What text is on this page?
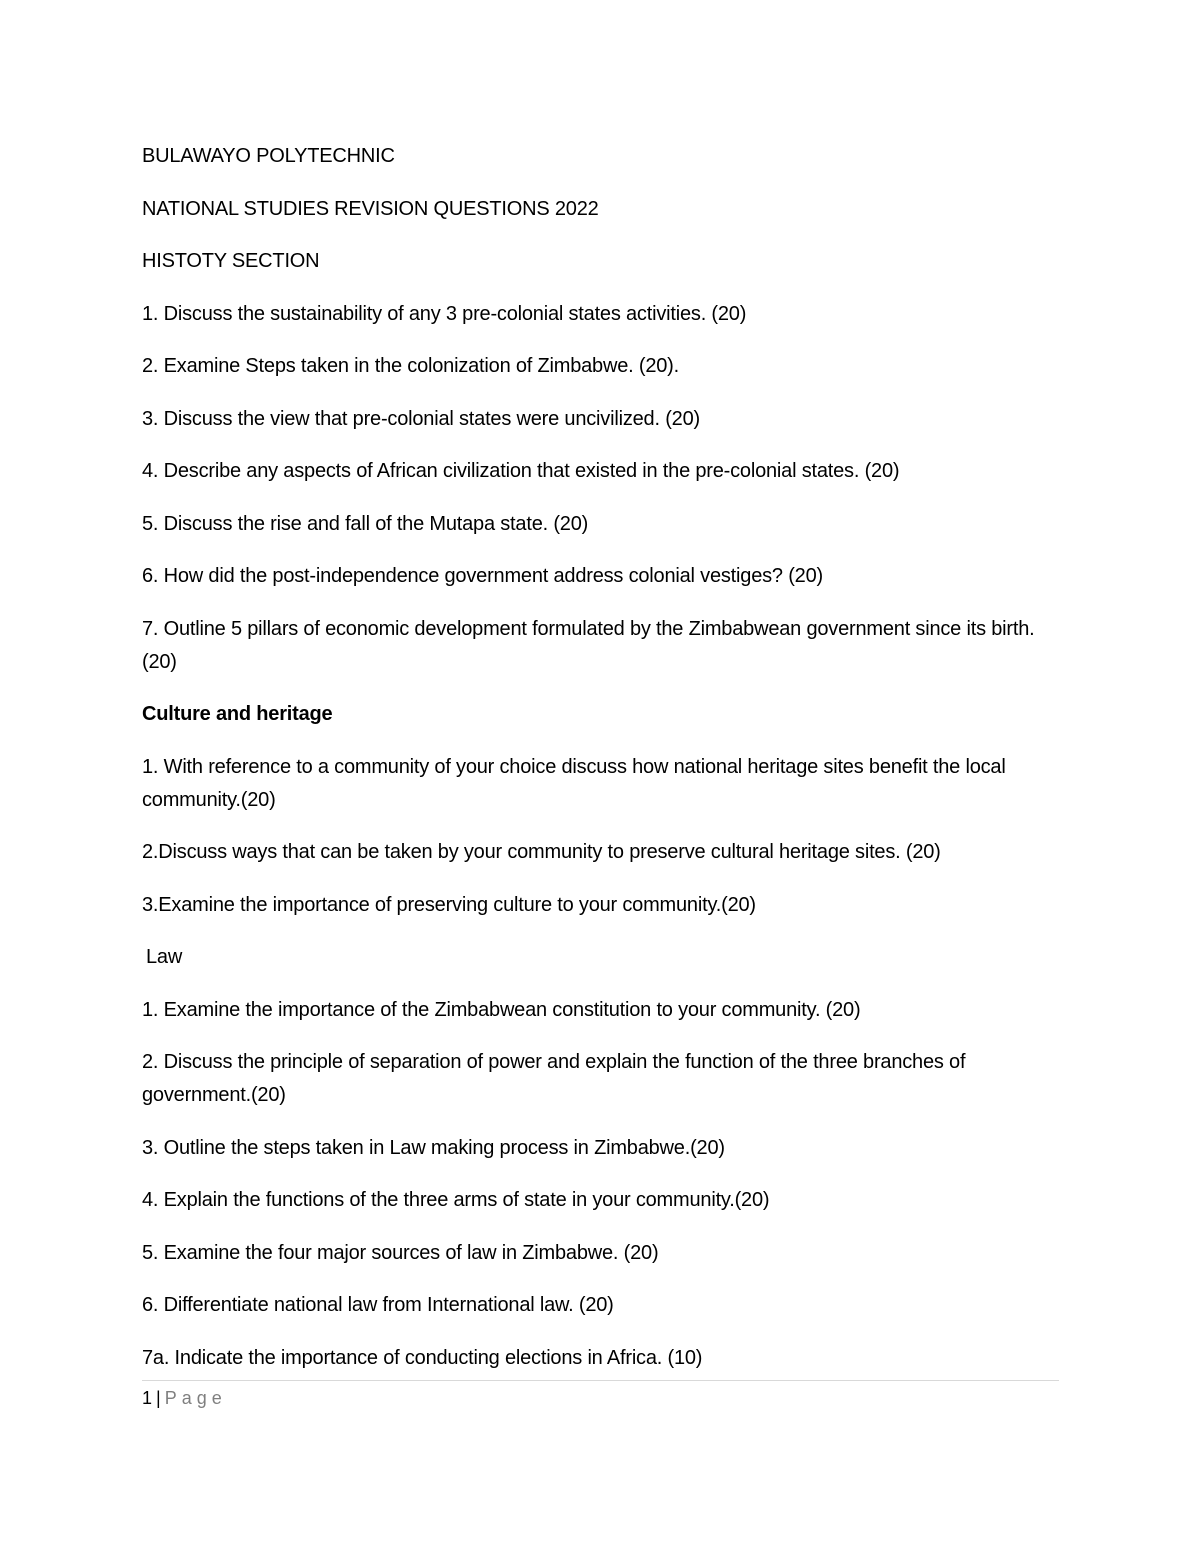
BULAWAYO POLYTECHNIC

NATIONAL STUDIES REVISION QUESTIONS 2022

HISTOTY SECTION

1. Discuss the sustainability of any 3 pre-colonial states activities. (20)

2. Examine Steps taken in the colonization of Zimbabwe. (20).

3. Discuss the view that pre-colonial states were uncivilized. (20)

4. Describe any aspects of African civilization that existed in the pre-colonial states. (20)

5. Discuss the rise and fall of the Mutapa state. (20)

6. How did the post-independence government address colonial vestiges? (20)

7. Outline 5 pillars of economic development formulated by the Zimbabwean government since its birth.(20)

Culture and heritage

1. With reference to a community of your choice discuss how national heritage sites benefit the local community.(20)

2.Discuss ways that can be taken by your community to preserve cultural heritage sites. (20)

3.Examine the importance of preserving culture to your community.(20)

Law

1. Examine the importance of the Zimbabwean constitution to your community. (20)

2. Discuss the principle of separation of power and explain the function of the three branches of government.(20)

3. Outline the steps taken in Law making process in Zimbabwe.(20)

4. Explain the functions of the three arms of state in your community.(20)

5. Examine the four major sources of law in Zimbabwe. (20)

6. Differentiate national law from International law. (20)

7a. Indicate the importance of conducting elections in Africa. (10)

1 | Page
